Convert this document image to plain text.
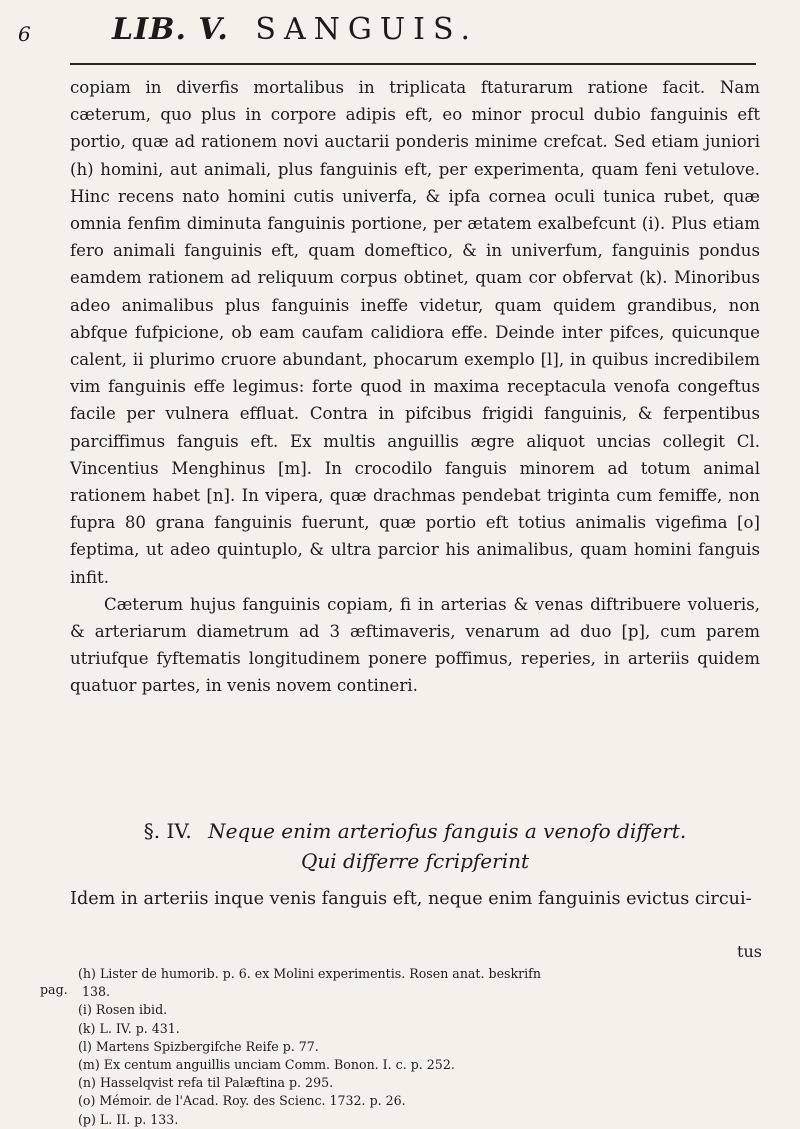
6	LIB. V. SANGUIS.

copiam in diverfis mortalibus in triplicata ftaturarum ratione facit. Nam cæterum, quo plus in corpore adipis eft, eo minor procul dubio fanguinis eft portio, quæ ad rationem novi auctarii ponderis minime crefcat. Sed etiam juniori (h) homini, aut animali, plus fanguinis eft, per experimenta, quam feni vetulove. Hinc recens nato homini cutis univerfa, & ipfa cornea oculi tunica rubet, quæ omnia fenfim diminuta fanguinis portione, per ætatem exalbefcunt (i). Plus etiam fero animali fanguinis eft, quam domeftico, & in univerfum, fanguinis pondus eamdem rationem ad reliquum corpus obtinet, quam cor obfervat (k). Minoribus adeo animalibus plus fanguinis ineffe videtur, quam quidem grandibus, non abfque fufpicione, ob eam caufam calidiora effe. Deinde inter pifces, quicunque calent, ii plurimo cruore abundant, phocarum exemplo [l], in quibus incredibilem vim fanguinis effe legimus: forte quod in maxima receptacula venofa congeftus facile per vulnera effluat. Contra in pifcibus frigidi fanguinis, & ferpentibus parciffimus fanguis eft. Ex multis anguillis ægre aliquot uncias collegit Cl. Vincentius Menghinus [m]. In crocodilo fanguis minorem ad totum animal rationem habet [n]. In vipera, quæ drachmas pendebat triginta cum femiffe, non fupra 80 grana fanguinis fuerunt, quæ portio eft totius animalis vigefima [o] feptima, ut adeo quintuplo, & ultra parcior his animalibus, quam homini fanguis infit.

Cæterum hujus fanguinis copiam, fi in arterias & venas diftribuere volueris, & arteriarum diametrum ad 3 æftimaveris, venarum ad duo [p], cum parem utriufque fyftematis longitudinem ponere poffimus, reperies, in arteriis quidem quatuor partes, in venis novem contineri.

§. IV. Neque enim arteriofus fanguis a venofo differt.
Qui differre fcripferint
Idem in arteriis inque venis fanguis eft, neque enim fanguinis evictus circui-
tus
pag.
(h) Lister de humorib. p. 6. ex Molini experimentis. Rosen anat. beskrifn
138.
(i) Rosen ibid.
(k) L. IV. p. 431.
(l) Martens Spizbergifche Reife p. 77.
(m) Ex centum anguillis unciam Comm. Bonon. I. c. p. 252.
(n) Hasselqvist refa til Palæftina p. 295.
(o) Mémoir. de l'Acad. Roy. des Scienc. 1732. p. 26.
(p) L. II. p. 133.
